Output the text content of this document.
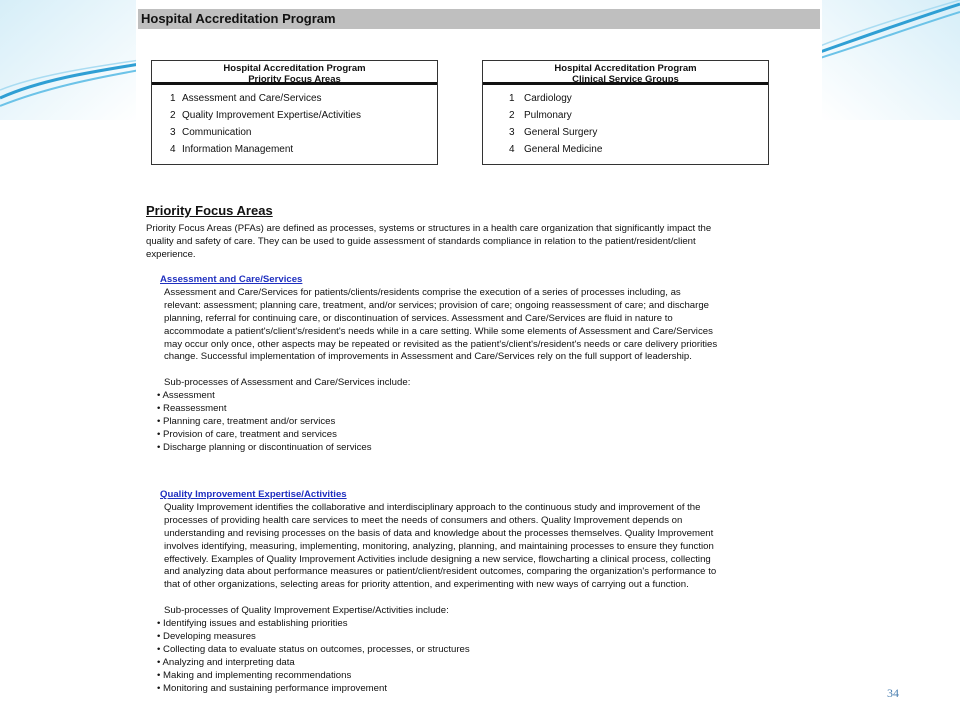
Hospital Accreditation Program
Hospital Accreditation Program
Priority Focus Areas
1 Assessment and Care/Services
2 Quality Improvement Expertise/Activities
3 Communication
4 Information Management
Hospital Accreditation Program
Clinical Service Groups
1 Cardiology
2 Pulmonary
3 General Surgery
4 General Medicine
Priority Focus Areas
Priority Focus Areas (PFAs) are defined as processes, systems or structures in a health care organization that significantly impact the quality and safety of care. They can be used to guide assessment of standards compliance in relation to the patient/resident/client experience.
Assessment and Care/Services
Assessment and Care/Services for patients/clients/residents comprise the execution of a series of processes including, as relevant: assessment; planning care, treatment, and/or services; provision of care; ongoing reassessment of care; and discharge planning, referral for continuing care, or discontinuation of services. Assessment and Care/Services are fluid in nature to accommodate a patient's/client's/resident's needs while in a care setting. While some elements of Assessment and Care/Services may occur only once, other aspects may be repeated or revisited as the patient's/client's/resident's needs or care delivery priorities change. Successful implementation of improvements in Assessment and Care/Services rely on the full support of leadership.
Sub-processes of Assessment and Care/Services include:
• Assessment
• Reassessment
• Planning care, treatment and/or services
• Provision of care, treatment and services
• Discharge planning or discontinuation of services
Quality Improvement Expertise/Activities
Quality Improvement identifies the collaborative and interdisciplinary approach to the continuous study and improvement of the processes of providing health care services to meet the needs of consumers and others. Quality Improvement depends on understanding and revising processes on the basis of data and knowledge about the processes themselves. Quality Improvement involves identifying, measuring, implementing, monitoring, analyzing, planning, and maintaining processes to ensure they function effectively. Examples of Quality Improvement Activities include designing a new service, flowcharting a clinical process, collecting and analyzing data about performance measures or patient/client/resident outcomes, comparing the organization's performance to that of other organizations, selecting areas for priority attention, and experimenting with new ways of carrying out a function.
Sub-processes of Quality Improvement Expertise/Activities include:
• Identifying issues and establishing priorities
• Developing measures
• Collecting data to evaluate status on outcomes, processes, or structures
• Analyzing and interpreting data
• Making and implementing recommendations
• Monitoring and sustaining performance improvement	34
